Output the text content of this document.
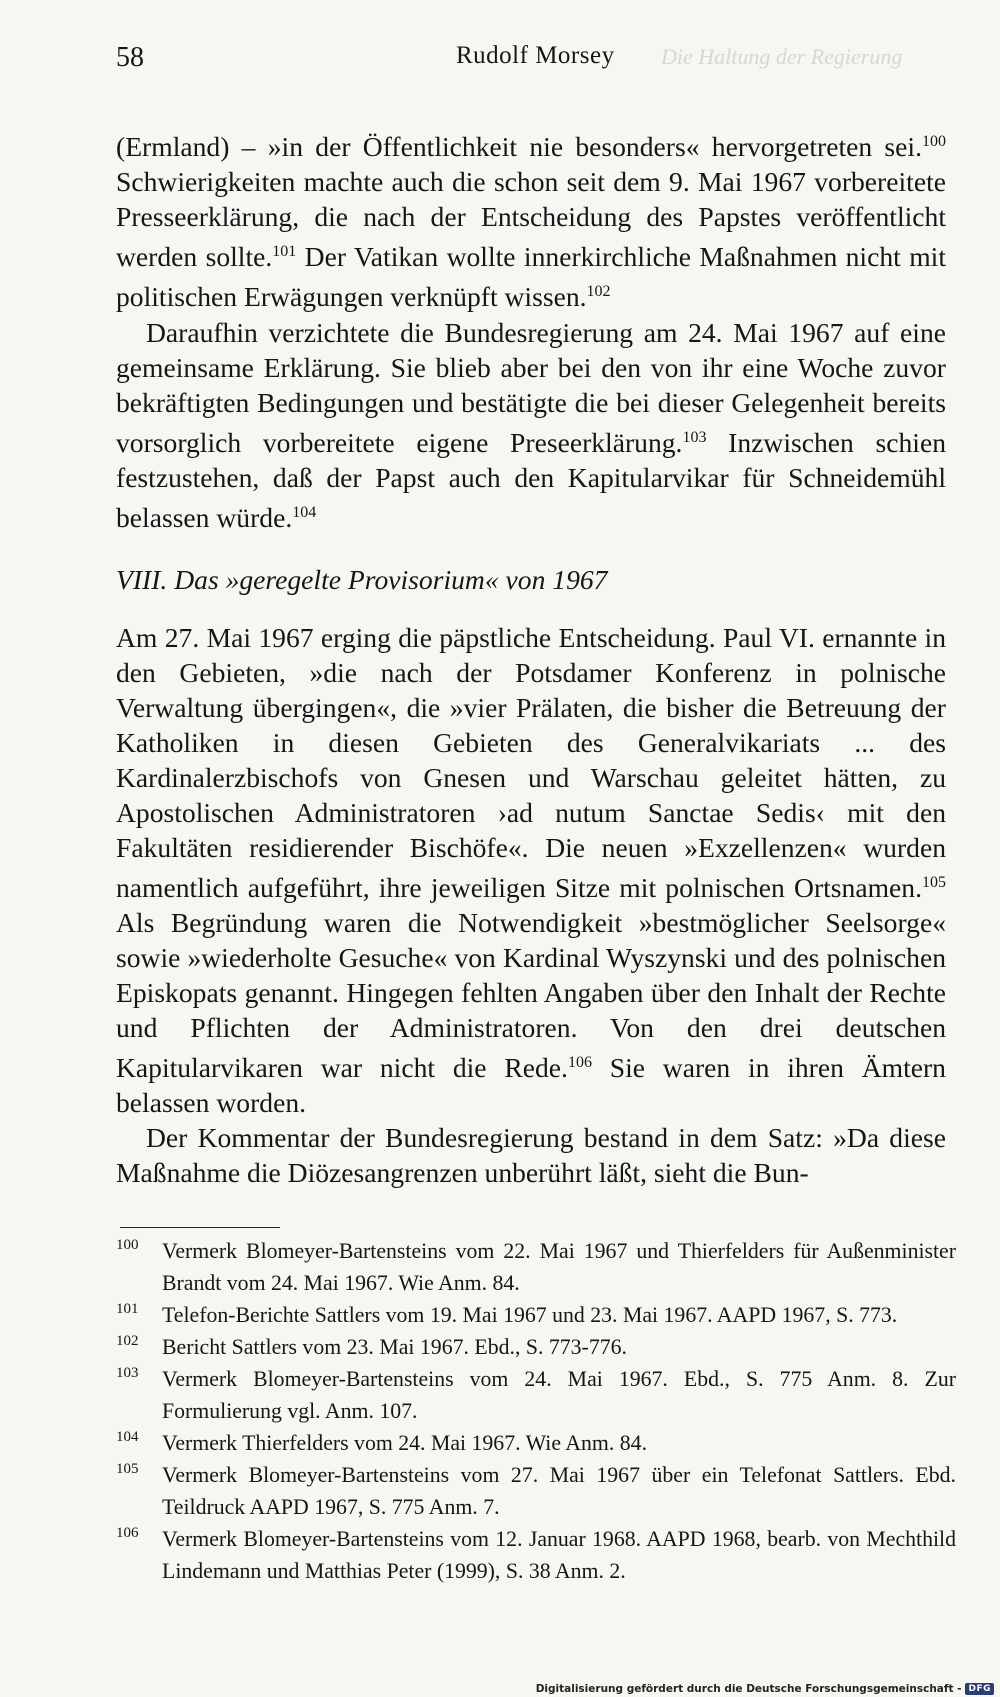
58	Rudolf Morsey Die Haltung der Regierung

(Ermland) – »in der Öffentlichkeit nie besonders« hervorgetreten sei.$^{100}$ Schwierigkeiten machte auch die schon seit dem 9. Mai 1967 vorbereitete Presseerklärung, die nach der Entscheidung des Papstes veröffentlicht werden sollte.$^{101}$ Der Vatikan wollte innerkirchliche Maßnahmen nicht mit politischen Erwägungen verknüpft wissen.$^{102}$

Daraufhin verzichtete die Bundesregierung am 24. Mai 1967 auf eine gemeinsame Erklärung. Sie blieb aber bei den von ihr eine Woche zuvor bekräftigten Bedingungen und bestätigte die bei dieser Gelegenheit bereits vorsorglich vorbereitete eigene Preseerklärung.$^{103}$ Inzwischen schien festzustehen, daß der Papst auch den Kapitularvikar für Schneidemühl belassen würde.$^{104}$

VIII. Das »geregelte Provisorium« von 1967

Am 27. Mai 1967 erging die päpstliche Entscheidung. Paul VI. ernannte in den Gebieten, »die nach der Potsdamer Konferenz in polnische Verwaltung übergingen«, die »vier Prälaten, die bisher die Betreuung der Katholiken in diesen Gebieten des Generalvikariats ... des Kardinalerzbischofs von Gnesen und Warschau geleitet hätten, zu Apostolischen Administratoren ›ad nutum Sanctae Sedis‹ mit den Fakultäten residierender Bischöfe«. Die neuen »Exzellenzen« wurden namentlich aufgeführt, ihre jeweiligen Sitze mit polnischen Ortsnamen.$^{105}$ Als Begründung waren die Notwendigkeit »bestmöglicher Seelsorge« sowie »wiederholte Gesuche« von Kardinal Wyszynski und des polnischen Episkopats genannt. Hingegen fehlten Angaben über den Inhalt der Rechte und Pflichten der Administratoren. Von den drei deutschen Kapitularvikaren war nicht die Rede.$^{106}$ Sie waren in ihren Ämtern belassen worden.

Der Kommentar der Bundesregierung bestand in dem Satz: »Da diese Maßnahme die Diözesangrenzen unberührt läßt, sieht die Bun-

100 Vermerk Blomeyer-Bartensteins vom 22. Mai 1967 und Thierfelders für Außenminister Brandt vom 24. Mai 1967. Wie Anm. 84.
101 Telefon-Berichte Sattlers vom 19. Mai 1967 und 23. Mai 1967. AAPD 1967, S. 773.
102 Bericht Sattlers vom 23. Mai 1967. Ebd., S. 773-776.
103 Vermerk Blomeyer-Bartensteins vom 24. Mai 1967. Ebd., S. 775 Anm. 8. Zur Formulierung vgl. Anm. 107.
104 Vermerk Thierfelders vom 24. Mai 1967. Wie Anm. 84.
105 Vermerk Blomeyer-Bartensteins vom 27. Mai 1967 über ein Telefonat Sattlers. Ebd. Teildruck AAPD 1967, S. 775 Anm. 7.
106 Vermerk Blomeyer-Bartensteins vom 12. Januar 1968. AAPD 1968, bearb. von Mechthild Lindemann und Matthias Peter (1999), S. 38 Anm. 2.
Digitalisierung gefördert durch die Deutsche Forschungsgemeinschaft - DFG
